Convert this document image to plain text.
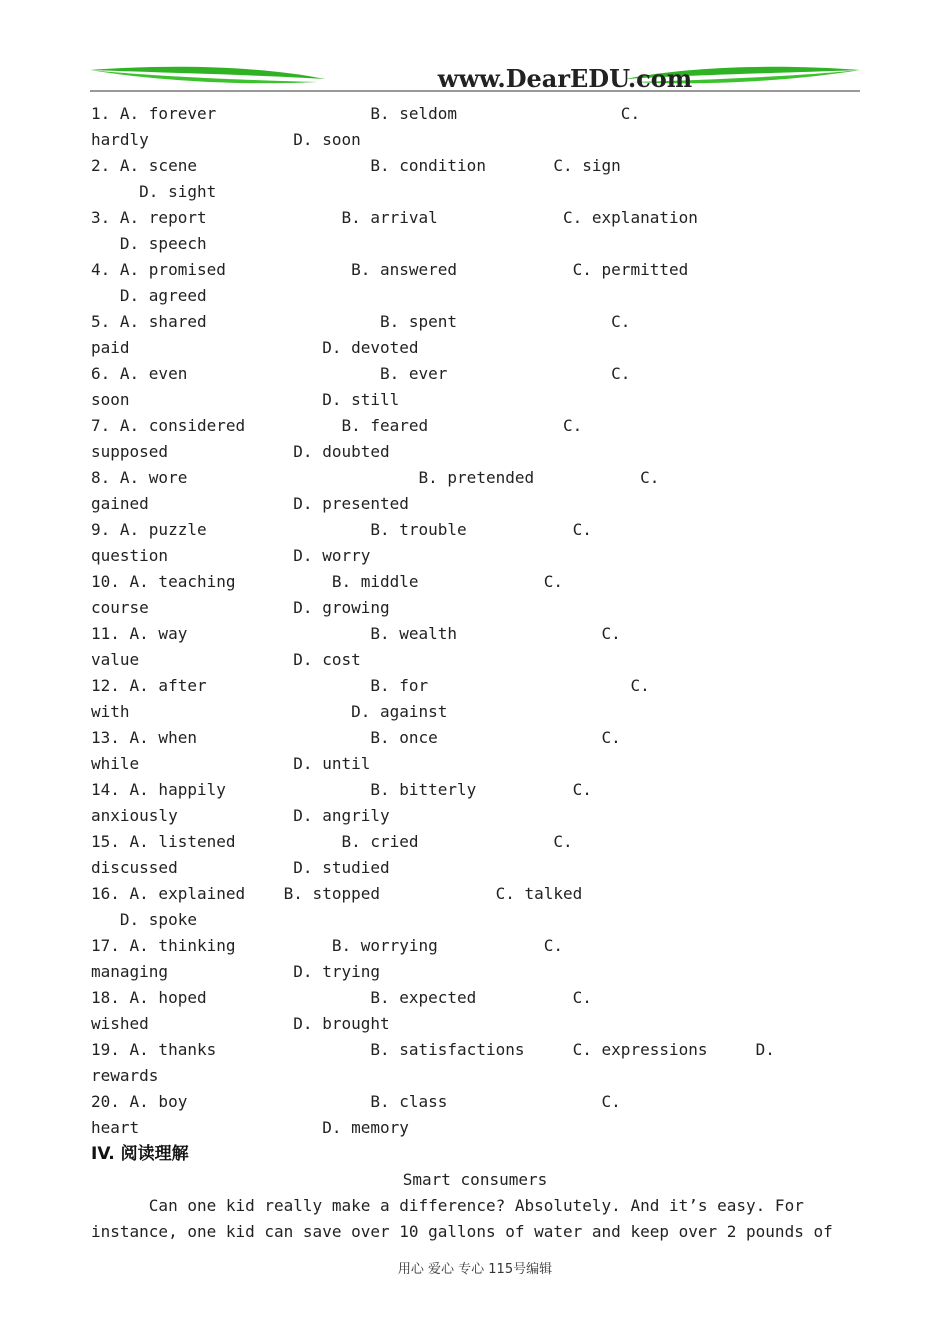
www.DearEDU.com
1. A. forever                B. seldom                 C.
hardly               D. soon
2. A. scene                  B. condition       C. sign
D. sight
3. A. report              B. arrival             C. explanation
D. speech
4. A. promised             B. answered            C. permitted
D. agreed
5. A. shared                  B. spent                C.
paid                    D. devoted
6. A. even                    B. ever                 C.
soon                    D. still
7. A. considered          B. feared              C.
supposed             D. doubted
8. A. wore                        B. pretended           C.
gained               D. presented
9. A. puzzle                 B. trouble           C.
question             D. worry
10. A. teaching          B. middle             C.
course               D. growing
11. A. way                   B. wealth               C.
value                D. cost
12. A. after                 B. for                     C.
with                       D. against
13. A. when                  B. once                 C.
while                D. until
14. A. happily               B. bitterly          C.
anxiously            D. angrily
15. A. listened           B. cried              C.
discussed            D. studied
16. A. explained    B. stopped            C. talked
D. spoke
17. A. thinking          B. worrying           C.
managing             D. trying
18. A. hoped                 B. expected          C.
wished               D. brought
19. A. thanks                B. satisfactions     C. expressions     D.
rewards
20. A. boy                   B. class                C.
heart                   D. memory
IV. 阅读理解
Smart consumers
Can one kid really make a difference? Absolutely. And it’s easy. For
instance, one kid can save over 10 gallons of water and keep over 2 pounds of
用心 爱心 专心 115号编辑
